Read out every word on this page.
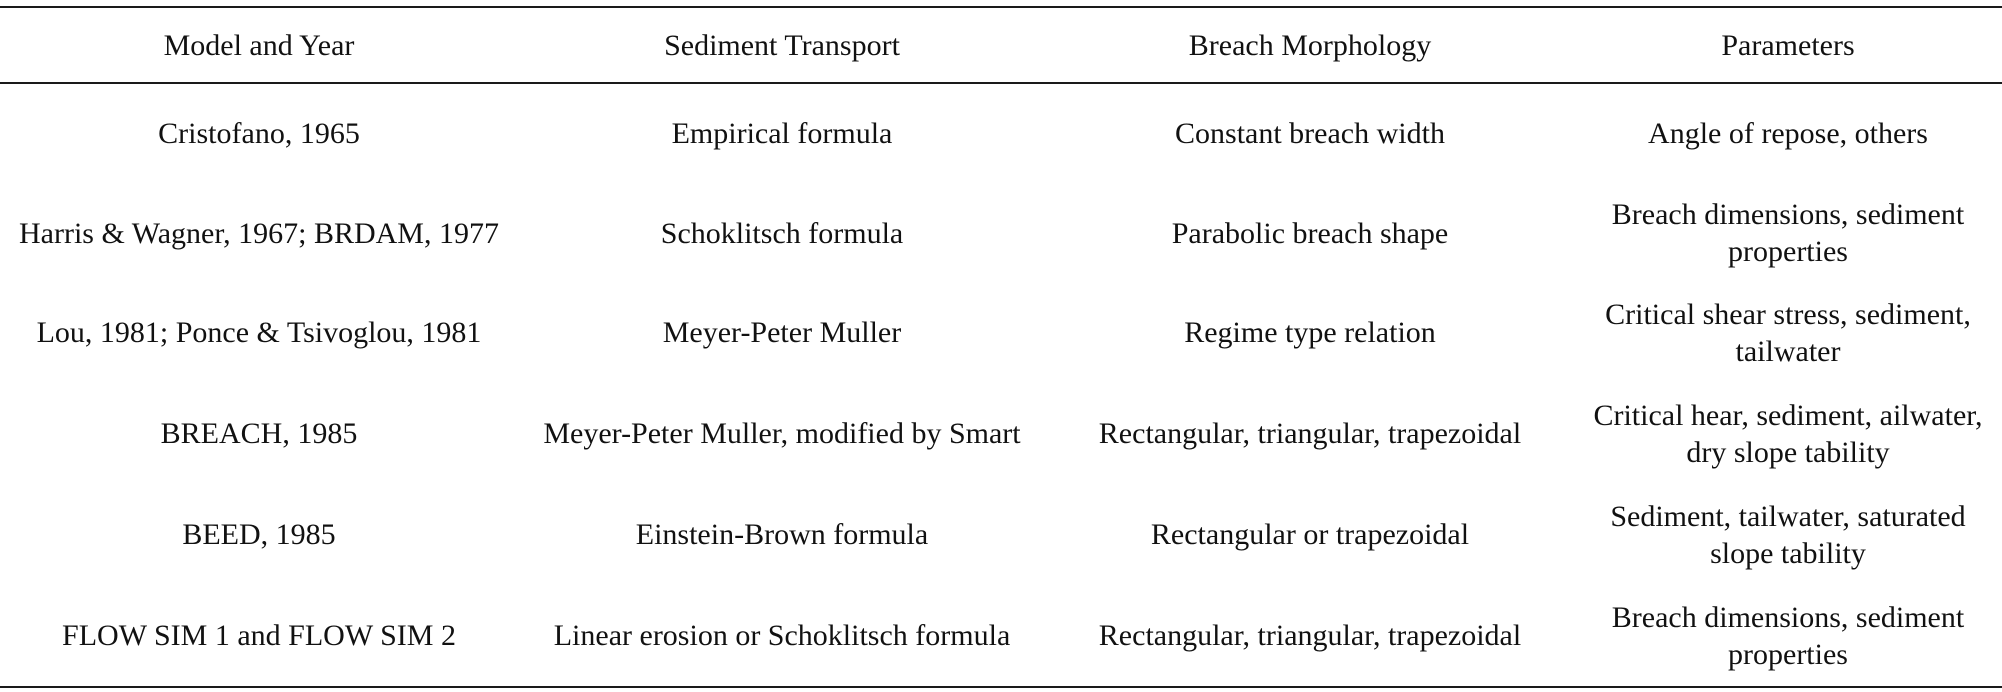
Model and Year	Sediment Transport	Breach Morphology	Parameters
Cristofano, 1965	Empirical formula	Constant breach width	Angle of repose, others
Harris & Wagner, 1967; BRDAM, 1977	Schoklitsch formula	Parabolic breach shape	Breach dimensions, sediment properties
Lou, 1981; Ponce & Tsivoglou, 1981	Meyer-Peter Muller	Regime type relation	Critical shear stress, sediment, tailwater
BREACH, 1985	Meyer-Peter Muller, modified by Smart	Rectangular, triangular, trapezoidal	Critical hear, sediment, ailwater, dry slope tability
BEED, 1985	Einstein-Brown formula	Rectangular or trapezoidal	Sediment, tailwater, saturated slope tability
FLOW SIM 1 and FLOW SIM 2	Linear erosion or Schoklitsch formula	Rectangular, triangular, trapezoidal	Breach dimensions, sediment properties
